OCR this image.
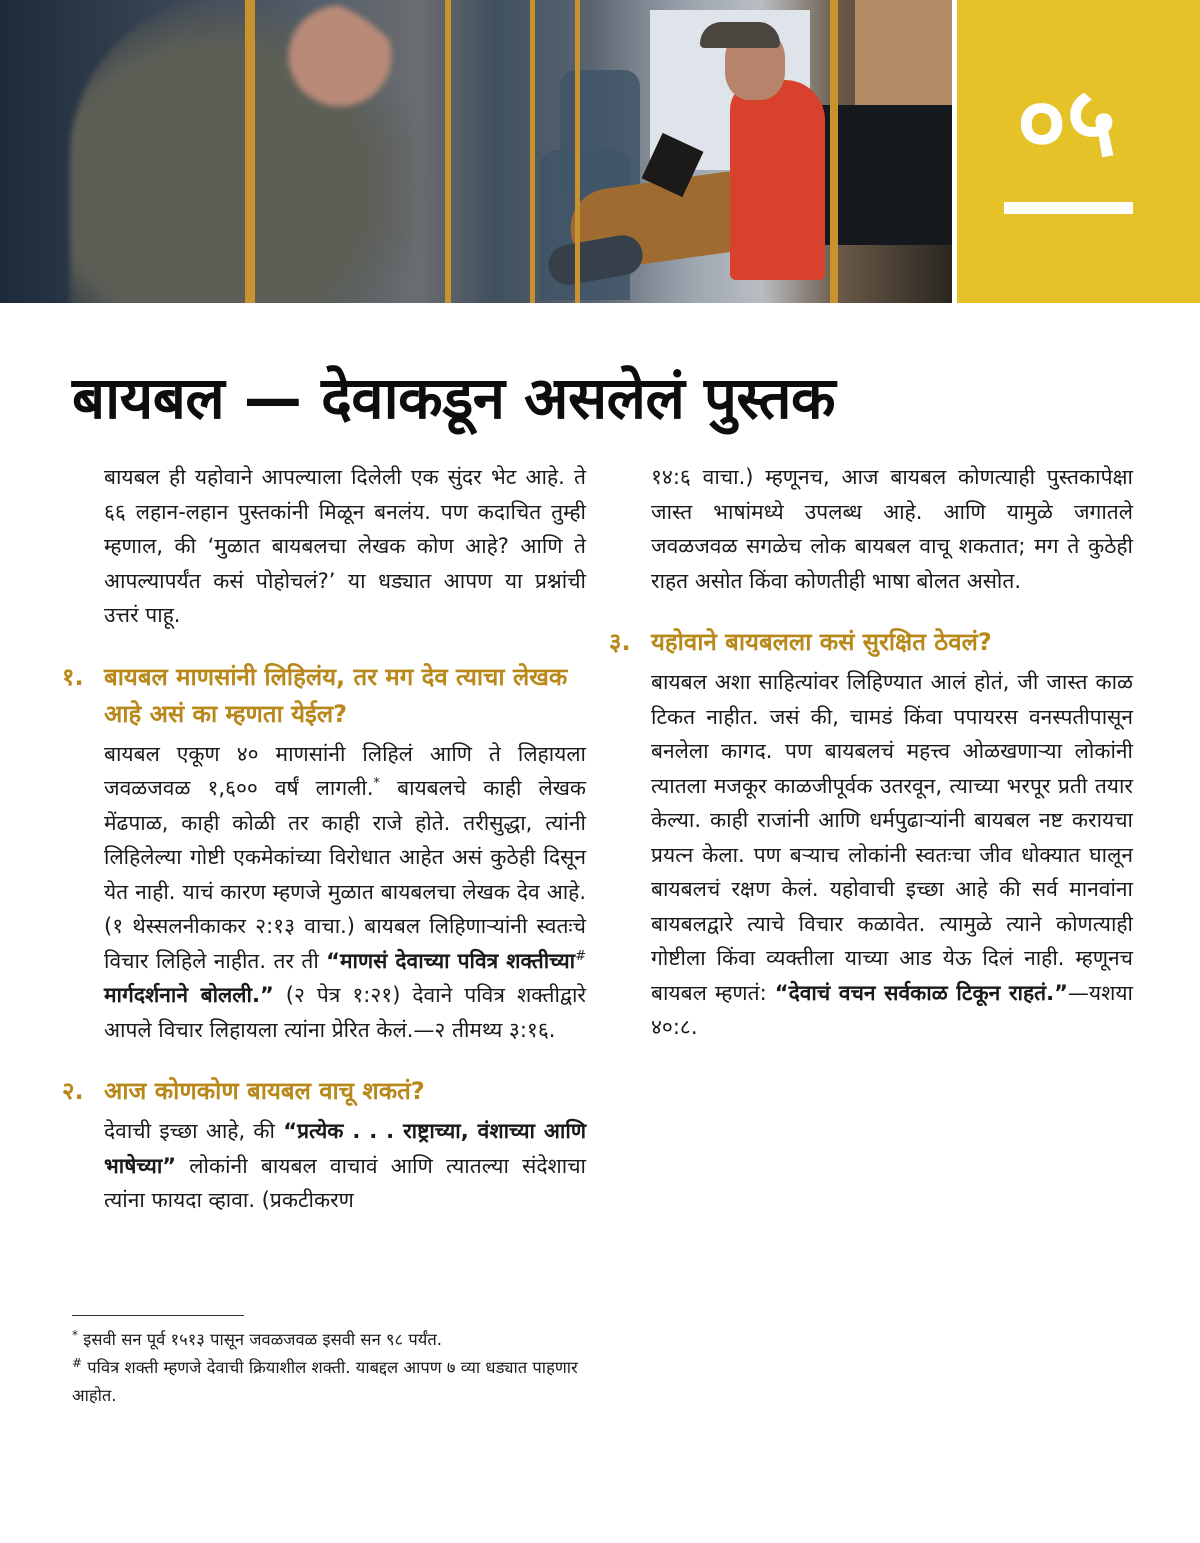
०५
बायबल — देवाकडून असलेलं पुस्तक

बायबल ही यहोवाने आपल्याला दिलेली एक सुंदर भेट आहे. ते ६६ लहान-लहान पुस्तकांनी मिळून बनलंय. पण कदाचित तुम्ही म्हणाल, की ‘मुळात बायबलचा लेखक कोण आहे? आणि ते आपल्यापर्यंत कसं पोहोचलं?’ या धड्यात आपण या प्रश्नांची उत्तरं पाहू.

१. बायबल माणसांनी लिहिलंय, तर मग देव त्याचा लेखक आहे असं का म्हणता येईल?

बायबल एकूण ४० माणसांनी लिहिलं आणि ते लिहायला जवळजवळ १,६०० वर्षं लागली.* बायबलचे काही लेखक मेंढपाळ, काही कोळी तर काही राजे होते. तरीसुद्धा, त्यांनी लिहिलेल्या गोष्टी एकमेकांच्या विरोधात आहेत असं कुठेही दिसून येत नाही. याचं कारण म्हणजे मुळात बायबलचा लेखक देव आहे. (१ थेस्सलनीकाकर २:१३ वाचा.) बायबल लिहिणाऱ्यांनी स्वतःचे विचार लिहिले नाहीत. तर ती “माणसं देवाच्या पवित्र शक्तीच्या# मार्गदर्शनाने बोलली.” (२ पेत्र १:२१) देवाने पवित्र शक्तीद्वारे आपले विचार लिहायला त्यांना प्रेरित केलं.—२ तीमथ्य ३:१६.

२. आज कोणकोण बायबल वाचू शकतं?

देवाची इच्छा आहे, की “प्रत्येक . . . राष्ट्राच्या, वंशाच्या आणि भाषेच्या” लोकांनी बायबल वाचावं आणि त्यातल्या संदेशाचा त्यांना फायदा व्हावा. (प्रकटीकरण

* इसवी सन पूर्व १५१३ पासून जवळजवळ इसवी सन ९८ पर्यंत.

# पवित्र शक्ती म्हणजे देवाची क्रियाशील शक्ती. याबद्दल आपण ७ व्या धड्यात पाहणार आहोत.

१४:६ वाचा.) म्हणूनच, आज बायबल कोणत्याही पुस्तकापेक्षा जास्त भाषांमध्ये उपलब्ध आहे. आणि यामुळे जगातले जवळजवळ सगळेच लोक बायबल वाचू शकतात; मग ते कुठेही राहत असोत किंवा कोणतीही भाषा बोलत असोत.

३. यहोवाने बायबलला कसं सुरक्षित ठेवलं?

बायबल अशा साहित्यांवर लिहिण्यात आलं होतं, जी जास्त काळ टिकत नाहीत. जसं की, चामडं किंवा पपायरस वनस्पतीपासून बनलेला कागद. पण बायबलचं महत्त्व ओळखणाऱ्या लोकांनी त्यातला मजकूर काळजीपूर्वक उतरवून, त्याच्या भरपूर प्रती तयार केल्या. काही राजांनी आणि धर्मपुढाऱ्यांनी बायबल नष्ट करायचा प्रयत्न केला. पण बऱ्याच लोकांनी स्वतःचा जीव धोक्यात घालून बायबलचं रक्षण केलं. यहोवाची इच्छा आहे की सर्व मानवांना बायबलद्वारे त्याचे विचार कळावेत. त्यामुळे त्याने कोणत्याही गोष्टीला किंवा व्यक्तीला याच्या आड येऊ दिलं नाही. म्हणूनच बायबल म्हणतं: “देवाचं वचन सर्वकाळ टिकून राहतं.”—यशया ४०:८.
